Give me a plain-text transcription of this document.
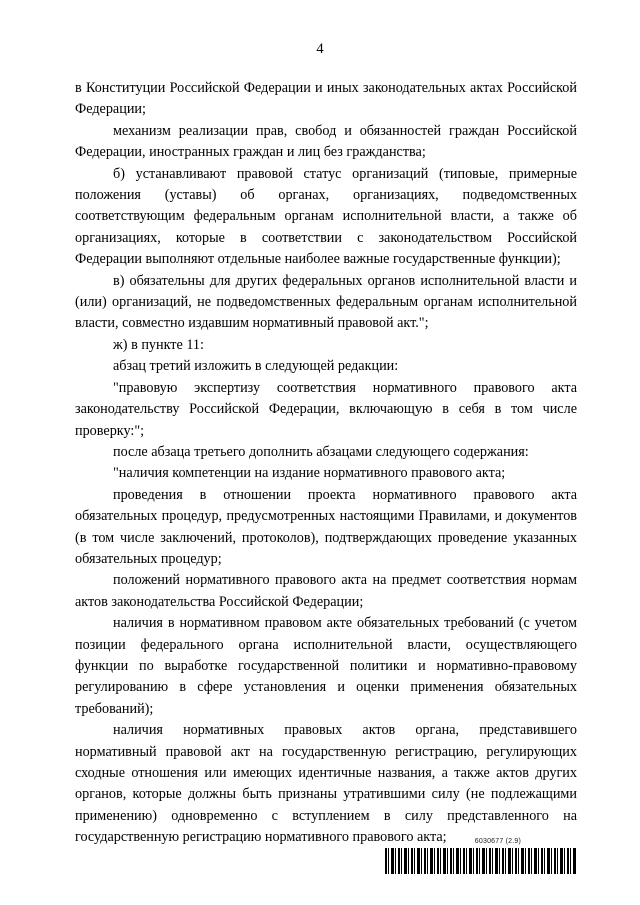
4

в Конституции Российской Федерации и иных законодательных актах Российской Федерации;

механизм реализации прав, свобод и обязанностей граждан Российской Федерации, иностранных граждан и лиц без гражданства;

б) устанавливают правовой статус организаций (типовые, примерные положения (уставы) об органах, организациях, подведомственных соответствующим федеральным органам исполнительной власти, а также об организациях, которые в соответствии с законодательством Российской Федерации выполняют отдельные наиболее важные государственные функции);

в) обязательны для других федеральных органов исполнительной власти и (или) организаций, не подведомственных федеральным органам исполнительной власти, совместно издавшим нормативный правовой акт.";

ж) в пункте 11:

абзац третий изложить в следующей редакции:

"правовую экспертизу соответствия нормативного правового акта законодательству Российской Федерации, включающую в себя в том числе проверку:";

после абзаца третьего дополнить абзацами следующего содержания:

"наличия компетенции на издание нормативного правового акта;

проведения в отношении проекта нормативного правового акта обязательных процедур, предусмотренных настоящими Правилами, и документов (в том числе заключений, протоколов), подтверждающих проведение указанных обязательных процедур;

положений нормативного правового акта на предмет соответствия нормам актов законодательства Российской Федерации;

наличия в нормативном правовом акте обязательных требований (с учетом позиции федерального органа исполнительной власти, осуществляющего функции по выработке государственной политики и нормативно-правовому регулированию в сфере установления и оценки применения обязательных требований);

наличия нормативных правовых актов органа, представившего нормативный правовой акт на государственную регистрацию, регулирующих сходные отношения или имеющих идентичные названия, а также актов других органов, которые должны быть признаны утратившими силу (не подлежащими применению) одновременно с вступлением в силу представленного на государственную регистрацию нормативного правового акта;	6030677 (2.9)
